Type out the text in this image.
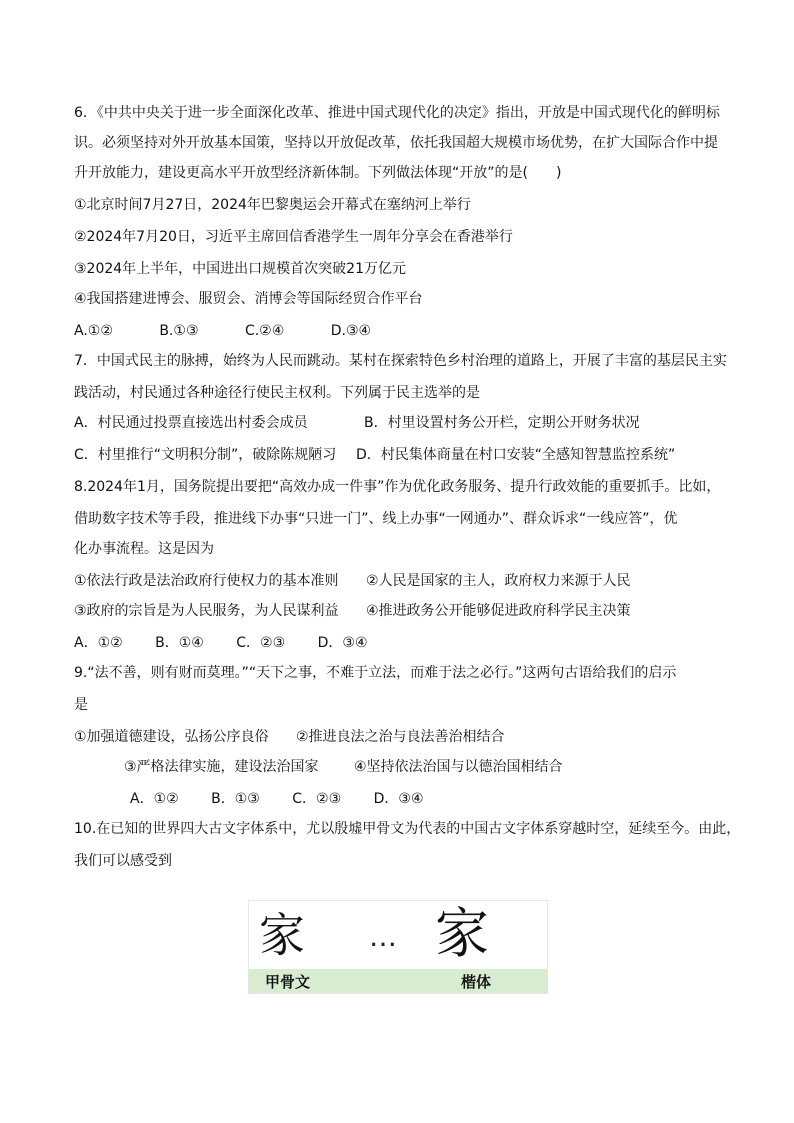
6．《中共中央关于进一步全面深化改革、推进中国式现代化的决定》指出，开放是中国式现代化的鲜明标
识。必须坚持对外开放基本国策，坚持以开放促改革，依托我国超大规模市场优势，在扩大国际合作中提
升开放能力，建设更高水平开放型经济新体制。下列做法体现“开放”的是(　　)
①北京时间7月27日，2024年巴黎奥运会开幕式在塞纳河上举行
②2024年7月20日，习近平主席回信香港学生一周年分享会在香港举行
③2024年上半年，中国进出口规模首次突破21万亿元
④我国搭建进博会、服贸会、消博会等国际经贸合作平台
A.①②　　　 B.①③　　　 C.②④　　　 D.③④
7．中国式民主的脉搏，始终为人民而跳动。某村在探索特色乡村治理的道路上，开展了丰富的基层民主实
践活动，村民通过各种途径行使民主权利。下列属于民主选举的是
A．村民通过投票直接选出村委会成员	B．村里设置村务公开栏，定期公开财务状况
C．村里推行“文明积分制”，破除陈规陋习 D．村民集体商量在村口安装“全感知智慧监控系统”
8.2024年1月，国务院提出要把“高效办成一件事”作为优化政务服务、提升行政效能的重要抓手。比如，
借助数字技术等手段，推进线下办事“只进一门”、线上办事“一网通办”、群众诉求“一线应答”，优
化办事流程。这是因为
①依法行政是法治政府行使权力的基本准则 ②人民是国家的主人，政府权力来源于人民
③政府的宗旨是为人民服务，为人民谋利益 ④推进政务公开能够促进政府科学民主决策
A．①②　　 B．①④　　 C．②③　　 D．③④
9.“法不善，则有财而莫理。”“天下之事，不难于立法，而难于法之必行。”这两句古语给我们的启示
是
①加强道德建设，弘扬公序良俗 ②推进良法之治与良法善治相结合
③严格法律实施，建设法治国家	④坚持依法治国与以德治国相结合
A．①②　　 B．①③　　 C．②③　　 D．③④
10.在已知的世界四大古文字体系中，尤以殷墟甲骨文为代表的中国古文字体系穿越时空，延续至今。由此，
我们可以感受到
家 … 家
甲骨文	楷体
